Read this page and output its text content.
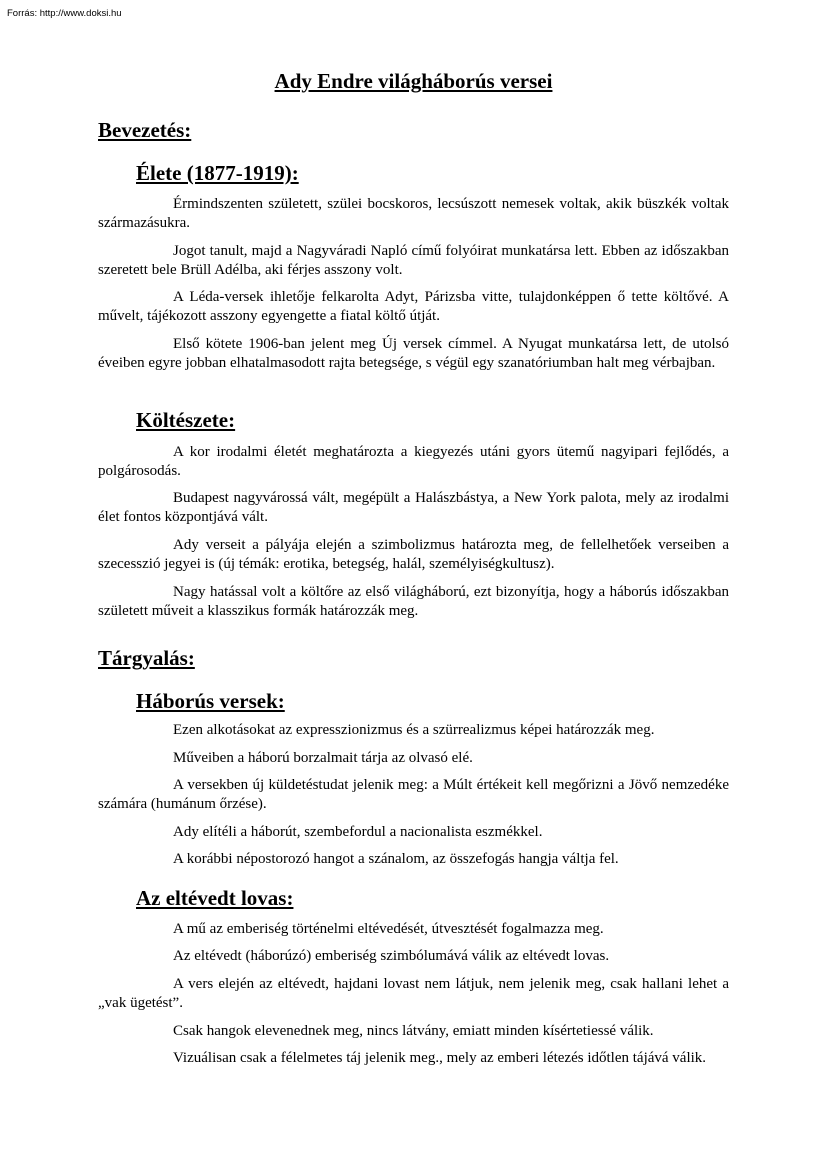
Forrás: http://www.doksi.hu
Ady Endre világháborús versei
Bevezetés:
Élete (1877-1919):

Érmindszenten született, szülei bocskoros, lecsúszott nemesek voltak, akik büszkék voltak származásukra.

Jogot tanult, majd a Nagyváradi Napló című folyóirat munkatársa lett. Ebben az időszakban szeretett bele Brüll Adélba, aki férjes asszony volt.

A Léda-versek ihletője felkarolta Adyt, Párizsba vitte, tulajdonképpen ő tette költővé. A művelt, tájékozott asszony egyengette a fiatal költő útját.

Első kötete 1906-ban jelent meg Új versek címmel. A Nyugat munkatársa lett, de utolsó éveiben egyre jobban elhatalmasodott rajta betegsége, s végül egy szanatóriumban halt meg vérbajban.

Költészete:

A kor irodalmi életét meghatározta a kiegyezés utáni gyors ütemű nagyipari fejlődés, a polgárosodás.

Budapest nagyvárossá vált, megépült a Halászbástya, a New York palota, mely az irodalmi élet fontos központjává vált.

Ady verseit a pályája elején a szimbolizmus határozta meg, de fellelhetőek verseiben a szecesszió jegyei is (új témák: erotika, betegség, halál, személyiségkultusz).

Nagy hatással volt a költőre az első világháború, ezt bizonyítja, hogy a háborús időszakban született műveit a klasszikus formák határozzák meg.

Tárgyalás:
Háborús versek:

Ezen alkotásokat az expresszionizmus és a szürrealizmus képei határozzák meg.

Műveiben a háború borzalmait tárja az olvasó elé.

A versekben új küldetéstudat jelenik meg: a Múlt értékeit kell megőrizni a Jövő nemzedéke számára (humánum őrzése).

Ady elítéli a háborút, szembefordul a nacionalista eszmékkel.

A korábbi népostorozó hangot a szánalom, az összefogás hangja váltja fel.

Az eltévedt lovas:

A mű az emberiség történelmi eltévedését, útvesztését fogalmazza meg.

Az eltévedt (háborúzó) emberiség szimbólumává válik az eltévedt lovas.

A vers elején az eltévedt, hajdani lovast nem látjuk, nem jelenik meg, csak hallani lehet a „vak ügetést”.

Csak hangok elevenednek meg, nincs látvány, emiatt minden kísértetiessé válik.

Vizuálisan csak a félelmetes táj jelenik meg., mely az emberi létezés időtlen tájává válik.
